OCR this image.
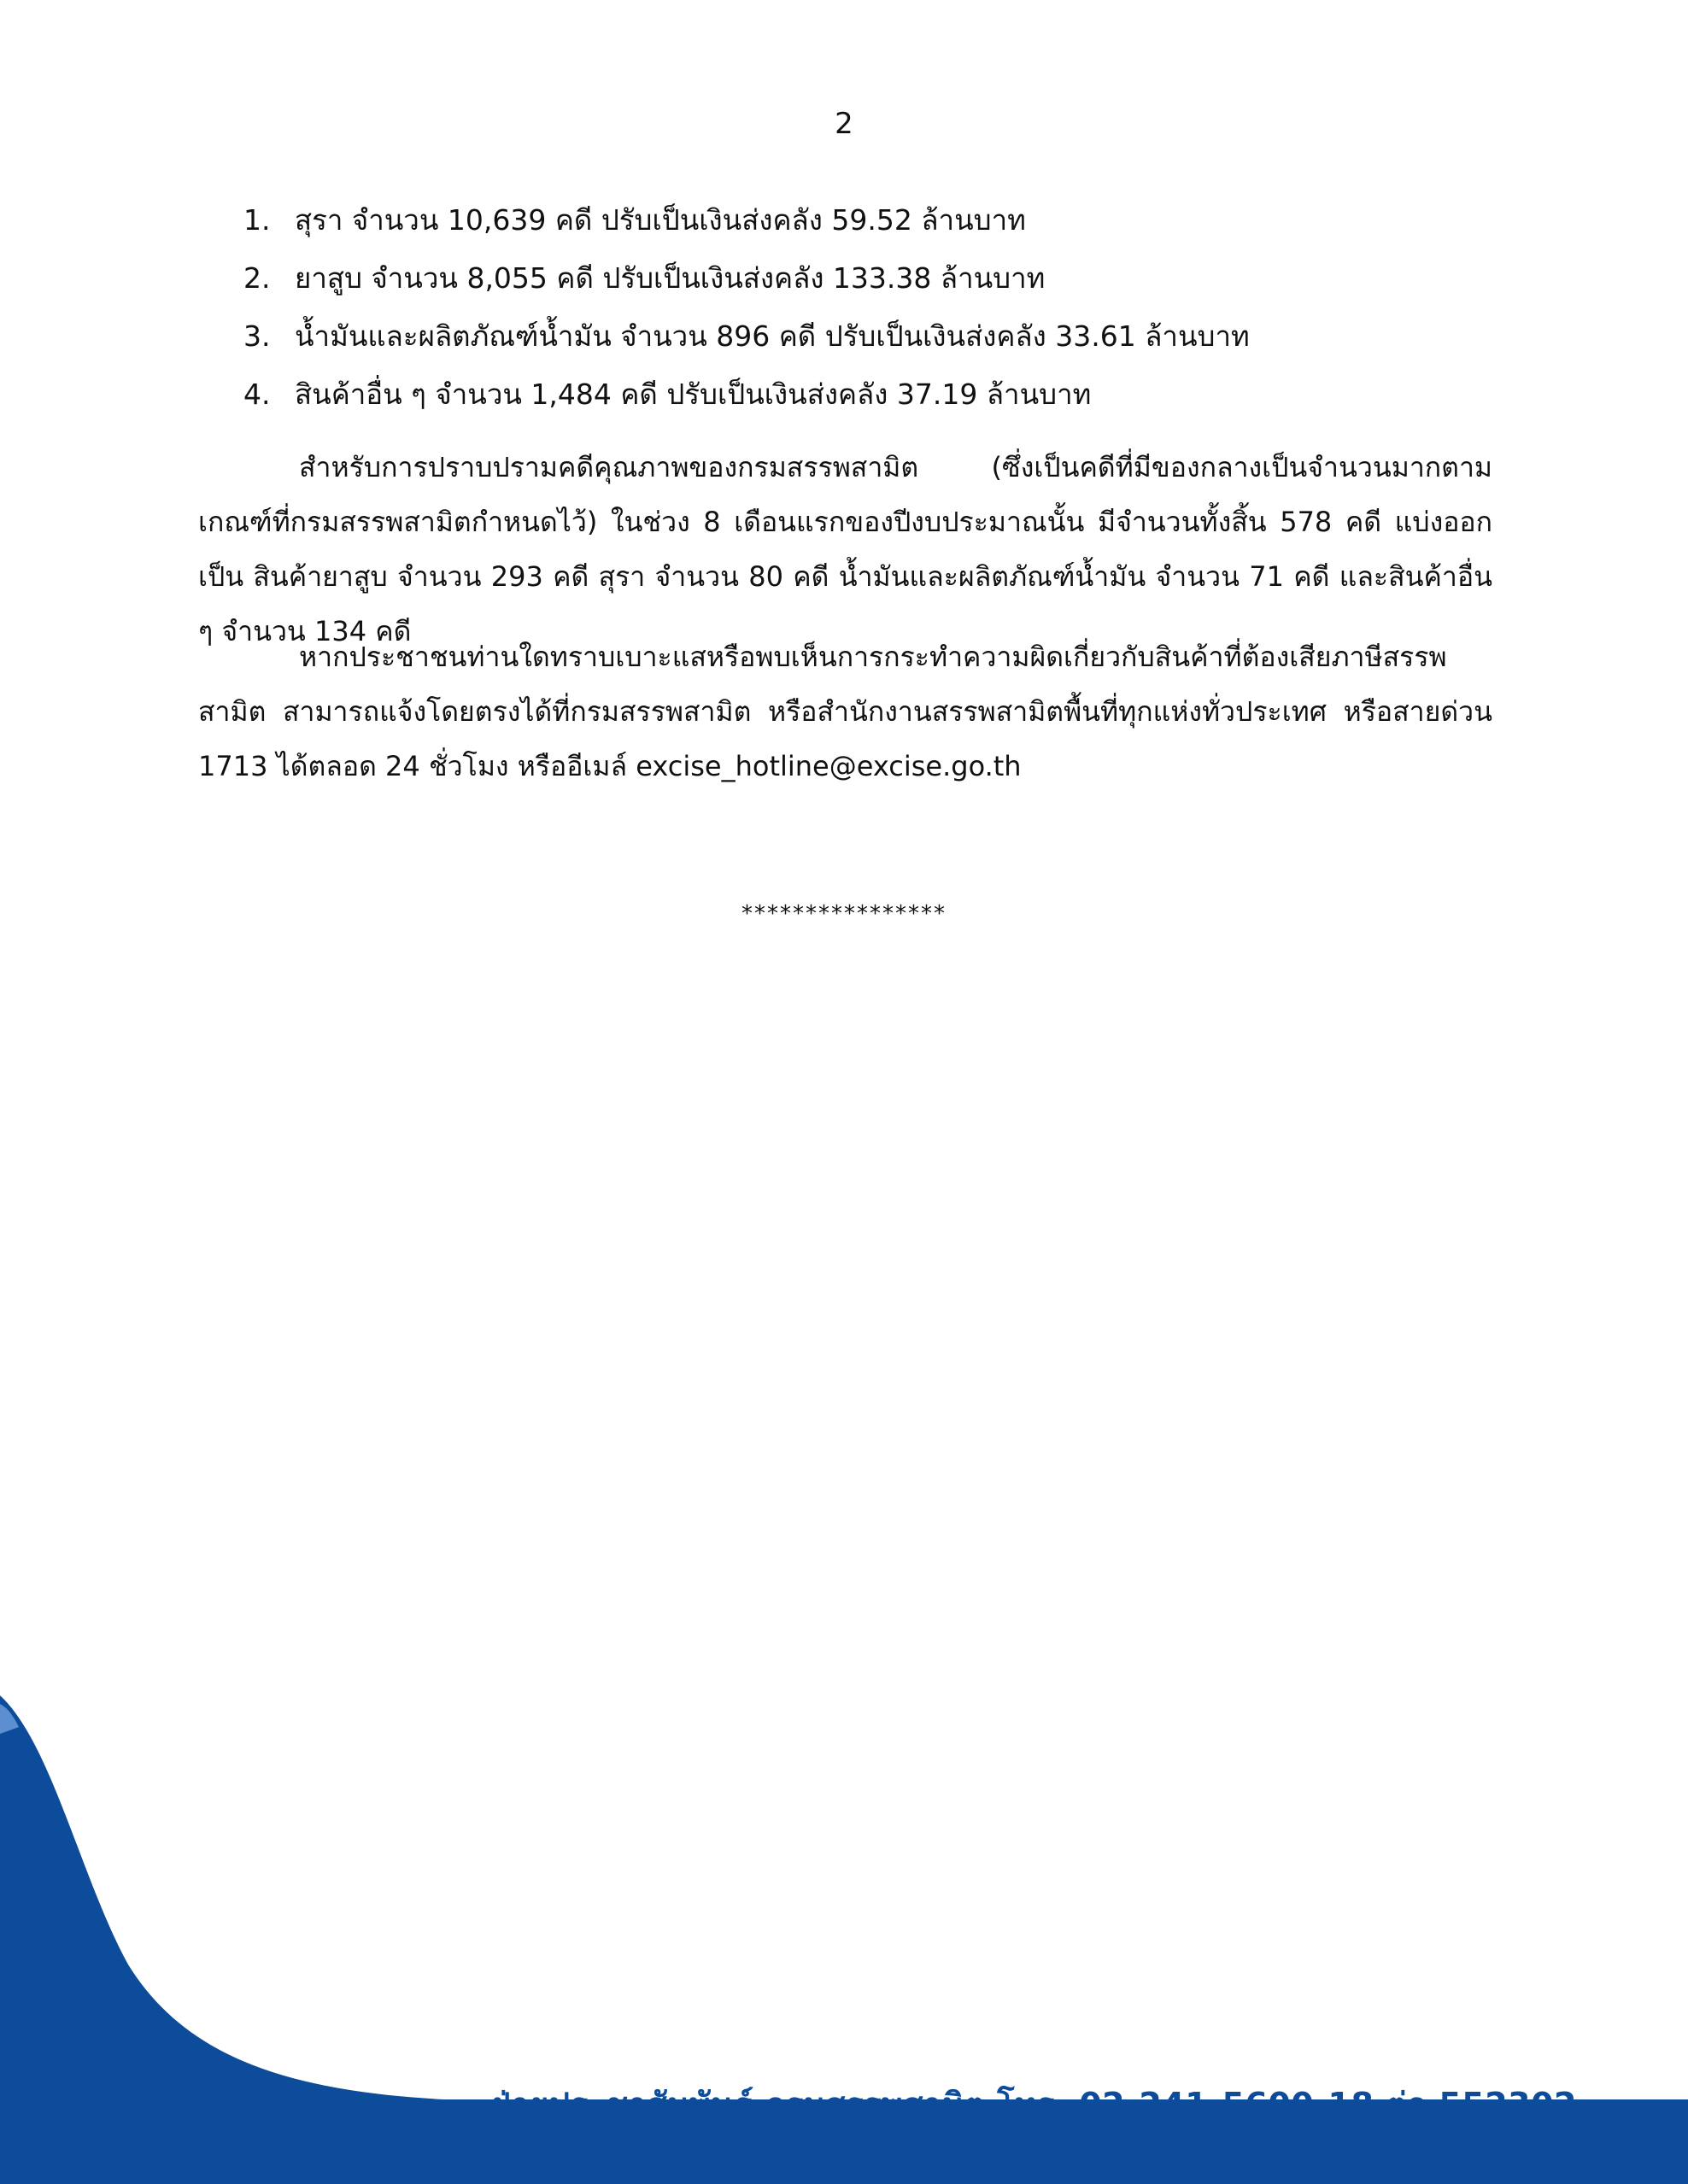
2
1. สุรา จำนวน 10,639 คดี ปรับเป็นเงินส่งคลัง 59.52 ล้านบาท
2. ยาสูบ จำนวน 8,055 คดี ปรับเป็นเงินส่งคลัง 133.38 ล้านบาท
3. น้ำมันและผลิตภัณฑ์น้ำมัน จำนวน 896 คดี ปรับเป็นเงินส่งคลัง 33.61 ล้านบาท
4. สินค้าอื่น ๆ จำนวน 1,484 คดี ปรับเป็นเงินส่งคลัง 37.19 ล้านบาท

สำหรับการปราบปรามคดีคุณภาพของกรมสรรพสามิต (ซึ่งเป็นคดีที่มีของกลางเป็นจำนวนมากตามเกณฑ์ที่กรมสรรพสามิตกำหนดไว้) ในช่วง 8 เดือนแรกของปีงบประมาณนั้น มีจำนวนทั้งสิ้น 578 คดี แบ่งออกเป็น สินค้ายาสูบ จำนวน 293 คดี สุรา จำนวน 80 คดี น้ำมันและผลิตภัณฑ์น้ำมัน จำนวน 71 คดี และสินค้าอื่น ๆ จำนวน 134 คดี

หากประชาชนท่านใดทราบเบาะแสหรือพบเห็นการกระทำความผิดเกี่ยวกับสินค้าที่ต้องเสียภาษีสรรพสามิต สามารถแจ้งโดยตรงได้ที่กรมสรรพสามิต หรือสำนักงานสรรพสามิตพื้นที่ทุกแห่งทั่วประเทศ หรือสายด่วน 1713 ได้ตลอด 24 ชั่วโมง หรืออีเมล์ excise_hotline@excise.go.th

****************
ฝ่ายประชาสัมพันธ์ กรมสรรพสามิต โทร. 02-241-5600-18 ต่อ 552302
